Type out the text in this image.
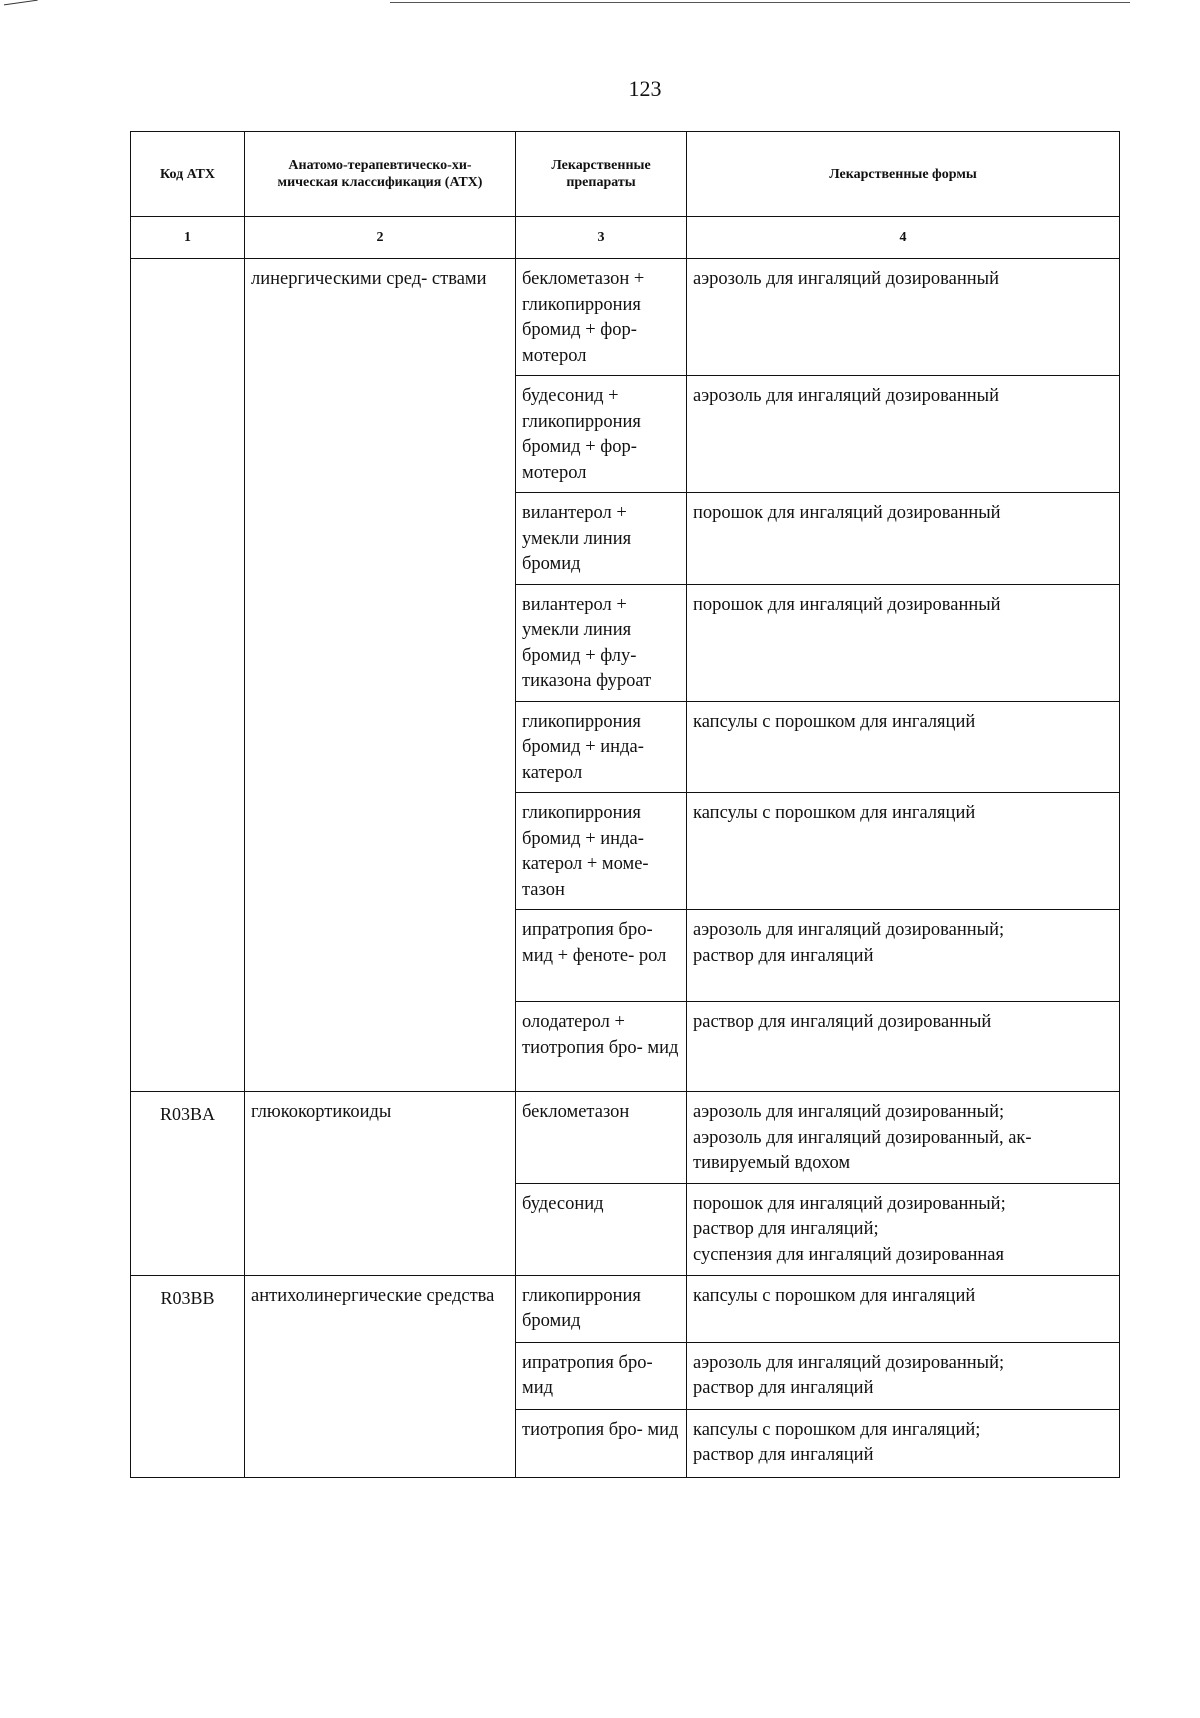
123
Код АТХ	Анатомо-терапевтическо-хи- мическая классификация (АТХ)	Лекарственные препараты	Лекарственные формы
1	2	3	4
	линергическими сред- ствами	беклометазон + гликопиррония бромид + фор- мотерол	аэрозоль для ингаляций дозированный

		будесонид + гликопиррония бромид + фор- мотерол	аэрозоль для ингаляций дозированный

		вилантерол + умекли линия бромид	порошок для ингаляций дозированный

		вилантерол + умекли линия бромид + флу- тиказона фуроат	порошок для ингаляций дозированный

		гликопиррония бромид + инда- катерол	капсулы с порошком для ингаляций

		гликопиррония бромид + инда- катерол + моме- тазон	капсулы с порошком для ингаляций

		ипратропия бро- мид + феноте- рол	аэрозоль для ингаляций дозированный;
раствор для ингаляций

		олодатерол + тиотропия бро- мид	раствор для ингаляций дозированный

R03BA	глюкокортикоиды	беклометазон	аэрозоль для ингаляций дозированный;
аэрозоль для ингаляций дозированный, ак- тивируемый вдохом

		будесонид	порошок для ингаляций дозированный;
раствор для ингаляций;
суспензия для ингаляций дозированная

R03BB	антихолинергические средства	гликопиррония бромид	капсулы с порошком для ингаляций

		ипратропия бро- мид	аэрозоль для ингаляций дозированный;
раствор для ингаляций

		тиотропия бро- мид	капсулы с порошком для ингаляций;
раствор для ингаляций
